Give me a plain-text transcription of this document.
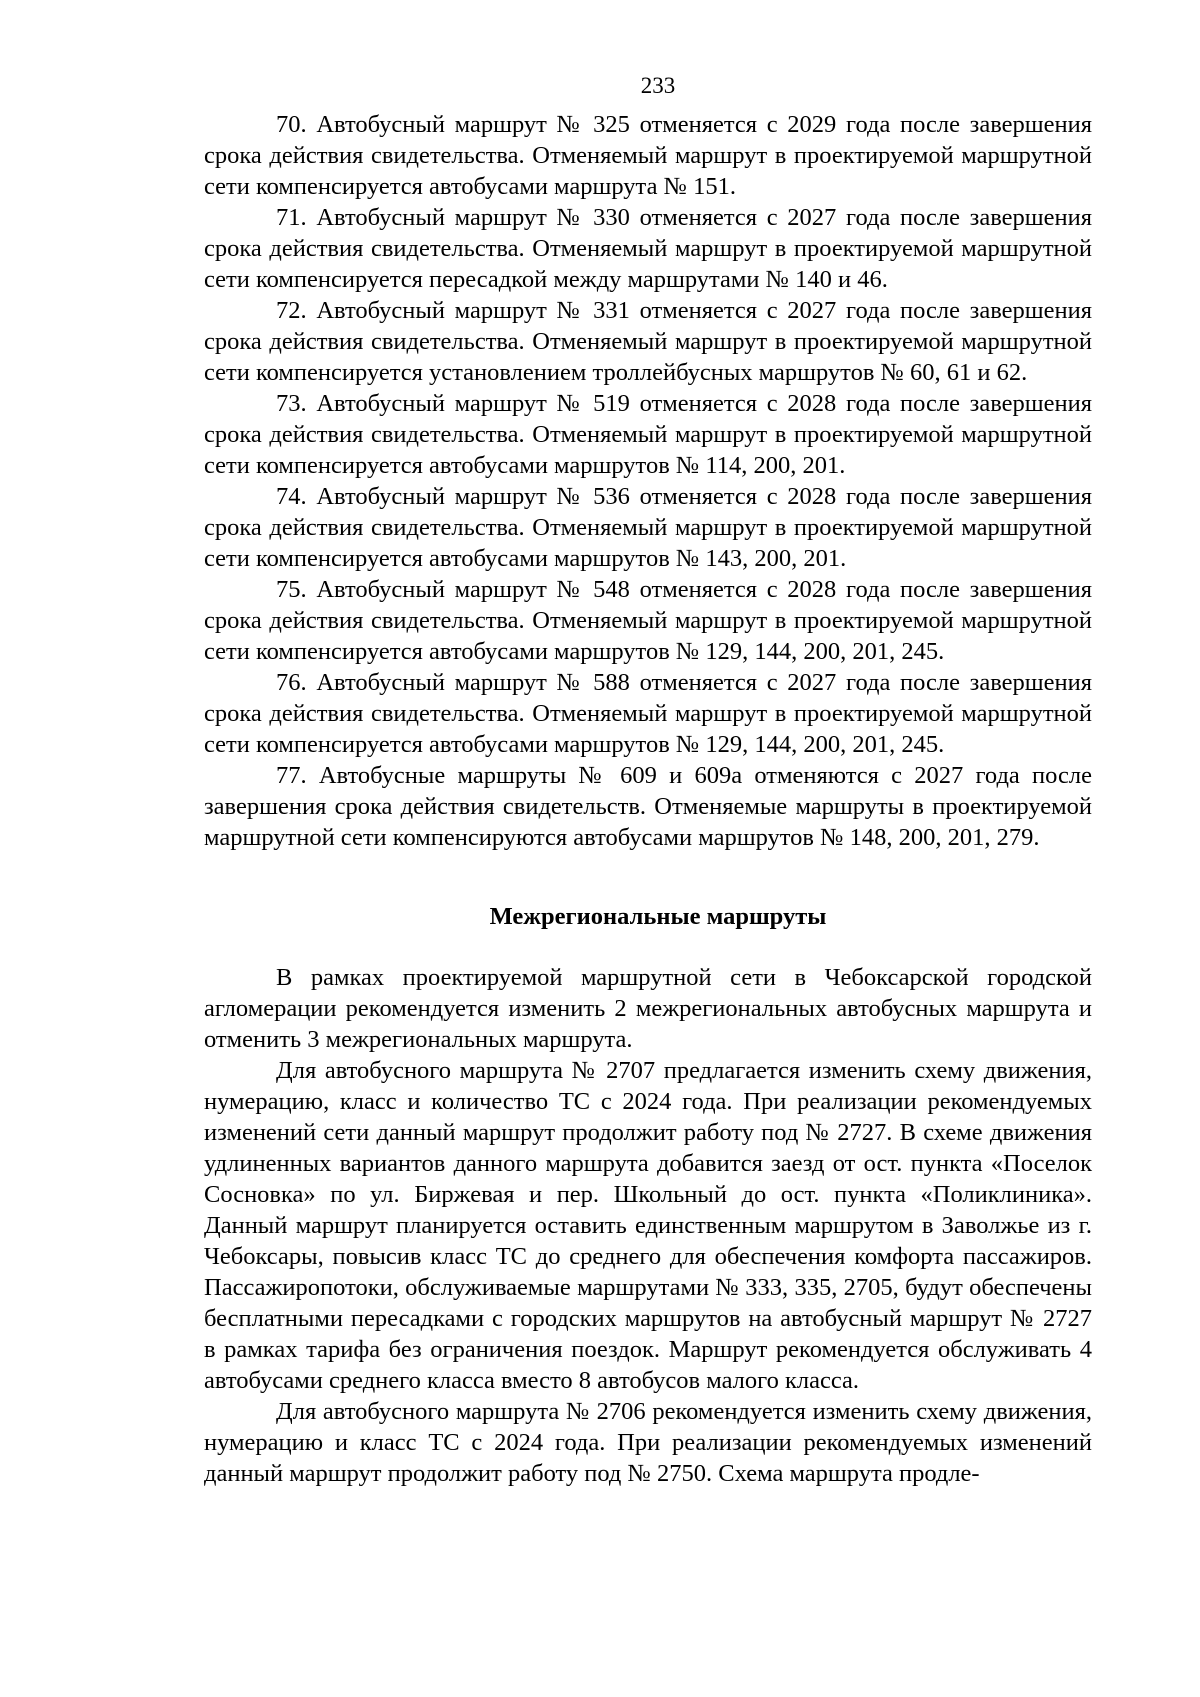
233

70. Автобусный маршрут № 325 отменяется с 2029 года после завершения срока действия свидетельства. Отменяемый маршрут в проектируемой маршрутной сети компенсируется автобусами маршрута № 151.

71. Автобусный маршрут № 330 отменяется с 2027 года после завершения срока действия свидетельства. Отменяемый маршрут в проектируемой маршрутной сети компенсируется пересадкой между маршрутами № 140 и 46.

72. Автобусный маршрут № 331 отменяется с 2027 года после завершения срока действия свидетельства. Отменяемый маршрут в проектируемой маршрутной сети компенсируется установлением троллейбусных маршрутов № 60, 61 и 62.

73. Автобусный маршрут № 519 отменяется с 2028 года после завершения срока действия свидетельства. Отменяемый маршрут в проектируемой маршрутной сети компенсируется автобусами маршрутов № 114, 200, 201.

74. Автобусный маршрут № 536 отменяется с 2028 года после завершения срока действия свидетельства. Отменяемый маршрут в проектируемой маршрутной сети компенсируется автобусами маршрутов № 143, 200, 201.

75. Автобусный маршрут № 548 отменяется с 2028 года после завершения срока действия свидетельства. Отменяемый маршрут в проектируемой маршрутной сети компенсируется автобусами маршрутов № 129, 144, 200, 201, 245.

76. Автобусный маршрут № 588 отменяется с 2027 года после завершения срока действия свидетельства. Отменяемый маршрут в проектируемой маршрутной сети компенсируется автобусами маршрутов № 129, 144, 200, 201, 245.

77. Автобусные маршруты № 609 и 609а отменяются с 2027 года после завершения срока действия свидетельств. Отменяемые маршруты в проектируемой маршрутной сети компенсируются автобусами маршрутов № 148, 200, 201, 279.

Межрегиональные маршруты

В рамках проектируемой маршрутной сети в Чебоксарской городской агломерации рекомендуется изменить 2 межрегиональных автобусных маршрута и отменить 3 межрегиональных маршрута.

Для автобусного маршрута № 2707 предлагается изменить схему движения, нумерацию, класс и количество ТС с 2024 года. При реализации рекомендуемых изменений сети данный маршрут продолжит работу под № 2727. В схеме движения удлиненных вариантов данного маршрута добавится заезд от ост. пункта «Поселок Сосновка» по ул. Биржевая и пер. Школьный до ост. пункта «Поликлиника». Данный маршрут планируется оставить единственным маршрутом в Заволжье из г. Чебоксары, повысив класс ТС до среднего для обеспечения комфорта пассажиров. Пассажиропотоки, обслуживаемые маршрутами № 333, 335, 2705, будут обеспечены бесплатными пересадками с городских маршрутов на автобусный маршрут № 2727 в рамках тарифа без ограничения поездок. Маршрут рекомендуется обслуживать 4 автобусами среднего класса вместо 8 автобусов малого класса.

Для автобусного маршрута № 2706 рекомендуется изменить схему движения, нумерацию и класс ТС с 2024 года. При реализации рекомендуемых изменений данный маршрут продолжит работу под № 2750. Схема маршрута продле-
